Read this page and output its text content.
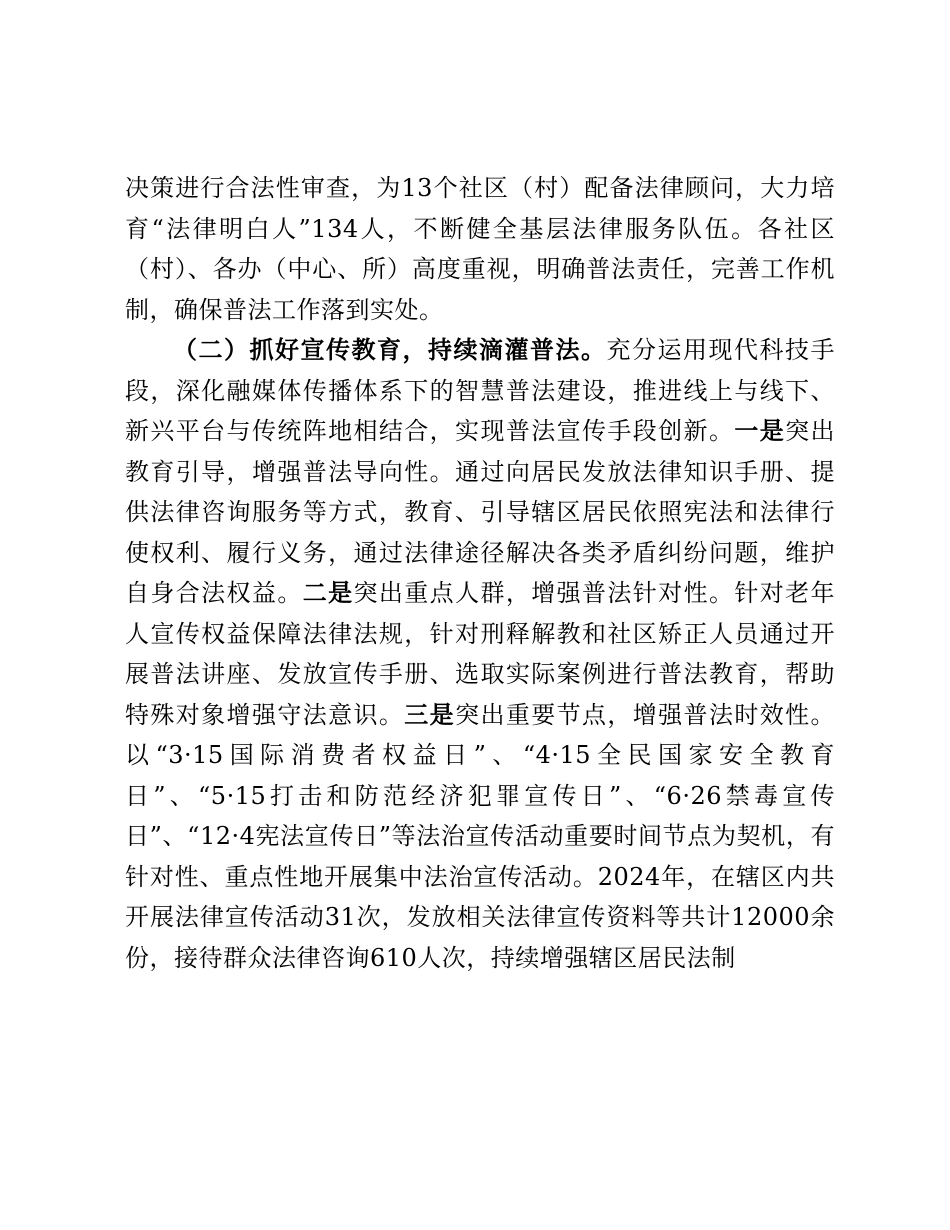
决策进行合法性审查，为13个社区（村）配备法律顾问，大力培育“法律明白人”134人，不断健全基层法律服务队伍。各社区（村）、各办（中心、所）高度重视，明确普法责任，完善工作机制，确保普法工作落到实处。

（二）抓好宣传教育，持续滴灌普法。充分运用现代科技手段，深化融媒体传播体系下的智慧普法建设，推进线上与线下、新兴平台与传统阵地相结合，实现普法宣传手段创新。一是突出教育引导，增强普法导向性。通过向居民发放法律知识手册、提供法律咨询服务等方式，教育、引导辖区居民依照宪法和法律行使权利、履行义务，通过法律途径解决各类矛盾纠纷问题，维护自身合法权益。二是突出重点人群，增强普法针对性。针对老年人宣传权益保障法律法规，针对刑释解教和社区矫正人员通过开展普法讲座、发放宣传手册、选取实际案例进行普法教育，帮助特殊对象增强守法意识。三是突出重要节点，增强普法时效性。以“3·15国际消费者权益日”、“4·15全民国家安全教育日”、“5·15打击和防范经济犯罪宣传日”、“6·26禁毒宣传日”、“12·4宪法宣传日”等法治宣传活动重要时间节点为契机，有针对性、重点性地开展集中法治宣传活动。2024年，在辖区内共开展法律宣传活动31次，发放相关法律宣传资料等共计12000余份，接待群众法律咨询610人次，持续增强辖区居民法制
